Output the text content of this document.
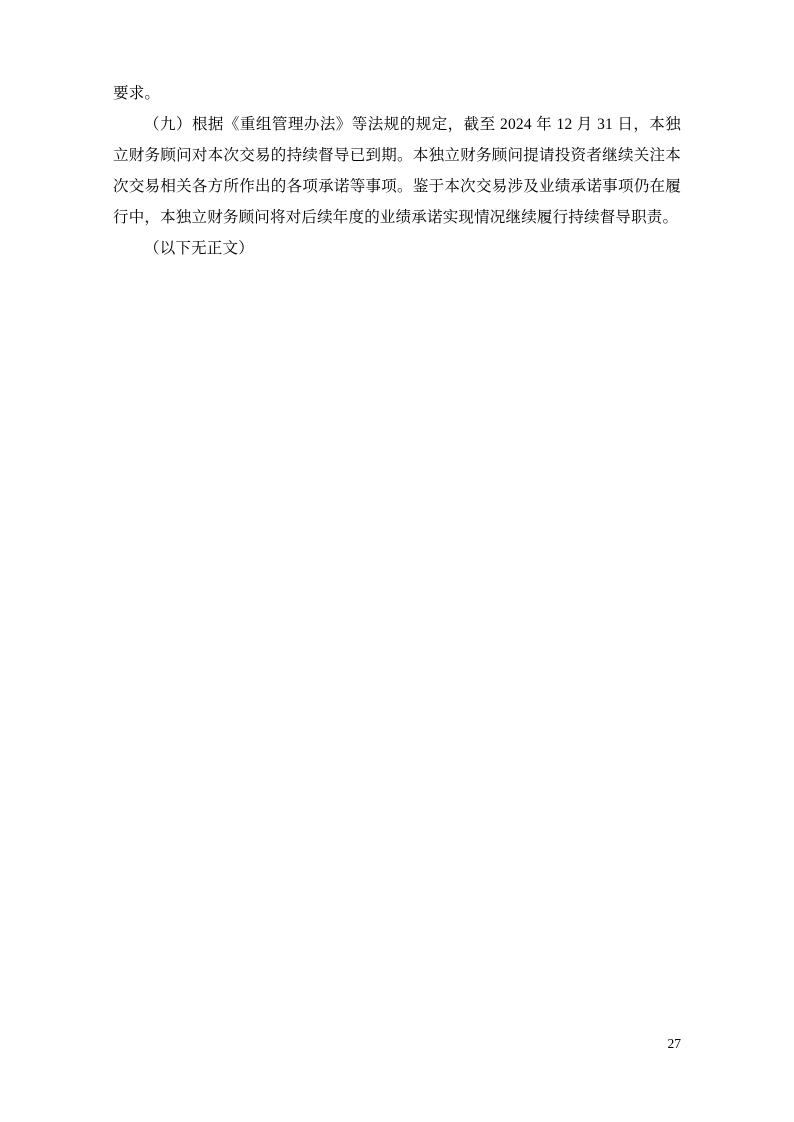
要求。

（九）根据《重组管理办法》等法规的规定，截至 2024 年 12 月 31 日，本独立财务顾问对本次交易的持续督导已到期。本独立财务顾问提请投资者继续关注本次交易相关各方所作出的各项承诺等事项。鉴于本次交易涉及业绩承诺事项仍在履行中，本独立财务顾问将对后续年度的业绩承诺实现情况继续履行持续督导职责。

（以下无正文）

27
